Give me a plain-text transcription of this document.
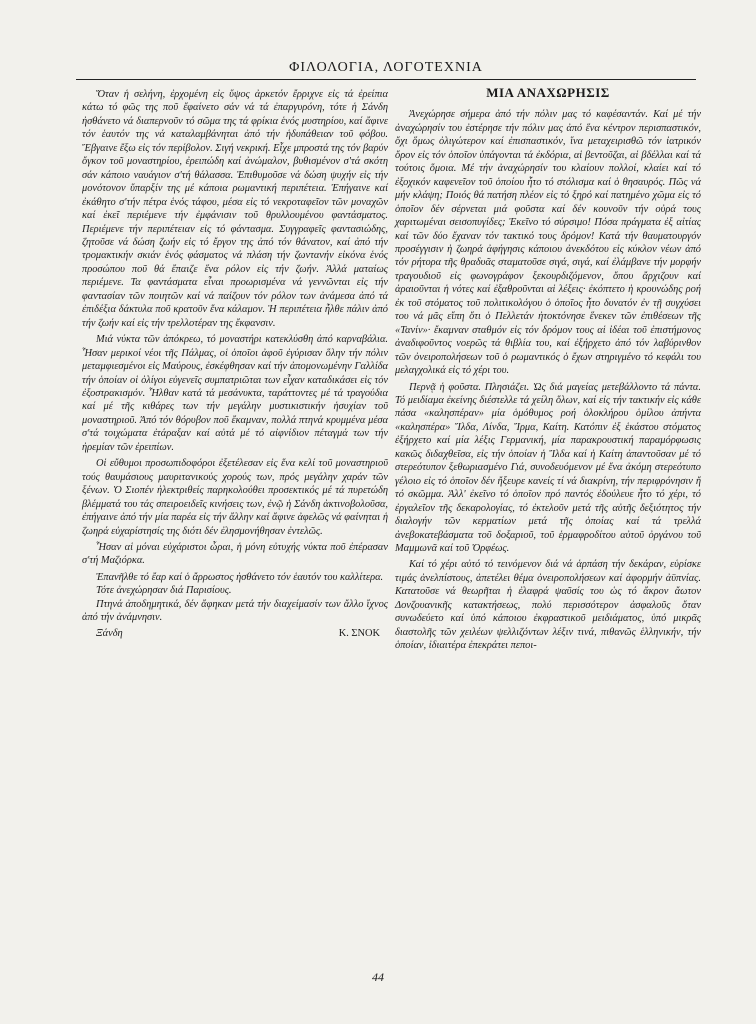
ΦΙΛΟΛΟΓΙΑ, ΛΟΓΟΤΕΧΝΙΑ

Ὅταν ἡ σελήνη, ἐρχομένη εἰς ὕψος ἀρκετόν ἔρριχνε εἰς τά ἐρείπια κάτω τό φῶς της ποῦ ἔφαίνετο σάν νά τά ἐπαργυρόνη, τότε ἡ Σάνδη ἠσθάνετο νά διαπερνοῦν τό σῶμα της τά φρίκια ἑνός μυστηρίου, καί ἄφινε τόν ἑαυτόν της νά καταλαμβάνηται ἀπό τήν ἡδυπάθειαν τοῦ φόβου. Ἔβγαινε ἔξω εἰς τόν περίβολον. Σιγή νεκρική. Εἶχε μπροστά της τόν βαρύν ὄγκον τοῦ μοναστηρίου, ἐρειπώδη καί ἀνώμαλον, βυθισμένον σ'τά σκότη σάν κάποιο ναυάγιον σ'τή θάλασσα. Ἐπιθυμοῦσε νά δώση ψυχήν εἰς τήν μονότονον ὕπαρξίν της μέ κάποια ρωμαντική περιπέτεια. Ἐπήγαινε καί ἐκάθητο σ'τήν πέτρα ἑνός τάφου, μέσα εἰς τό νεκροταφεῖον τῶν μοναχῶν καί ἐκεῖ περιέμενε τήν ἐμφάνισιν τοῦ θρυλλουμένου φαντάσματος. Περιέμενε τήν περιπέτειαν εἰς τό φάντασμα. Συγγραφεῖς φαντασιώδης, ζητοῦσε νά δώση ζωήν εἰς τό ἔργον της ἀπό τόν θάνατον, καί ἀπό τήν τρομακτικήν σκιάν ἑνός φάσματος νά πλάση τήν ζωντανήν εἰκόνα ἑνός προσώπου ποῦ θά ἔπαιζε ἕνα ρόλον εἰς τήν ζωήν. Ἀλλά ματαίως περιέμενε. Τα φαντάσματα εἶναι προωρισμένα νά γεννῶνται εἰς τήν φαντασίαν τῶν ποιητῶν καί νά παίζουν τόν ρόλον των ἀνάμεσα ἀπό τά ἐπιδέξια δάκτυλα ποῦ κρατοῦν ἕνα κάλαμον. Ἡ περιπέτεια ἦλθε πάλιν ἀπό τήν ζωήν καί εἰς τήν τρελλοτέραν της ἔκφανσιν.

Μιά νύκτα τῶν ἀπόκρεω, τό μοναστήρι κατεκλύσθη ἀπό καρναβάλια. Ἦσαν μερικοί νέοι τῆς Πάλμας, οἱ ὁποῖοι ἀφοῦ ἐγύρισαν ὅλην τήν πόλιν μεταμφιεσμένοι εἰς Μαύρους, ἐσκέφθησαν καί τήν ἀπομονωμένην Γαλλίδα τήν ὁποίαν οἱ ὀλίγοι εὐγενεῖς συμπατριῶται των εἶχαν καταδικάσει εἰς τόν ἐξοστρακισμόν. Ἦλθαν κατά τά μεσάνυκτα, ταράττοντες μέ τά τραγούδια καί μέ τῆς κιθάρες των τήν μεγάλην μυστικιστικήν ἡσυχίαν τοῦ μοναστηριοῦ. Ἀπό τόν θόρυβον ποῦ ἔκαμναν, πολλά πτηνά κρυμμένα μέσα σ'τά τοιχώματα ἐτάραξαν καί αὐτά μέ τό αἰφνίδιον πέταγμά των τήν ἠρεμίαν τῶν ἐρειπίων.

Οἱ εὔθυμοι προσωπιδοφόροι ἐξετέλεσαν εἰς ἕνα κελί τοῦ μοναστηριοῦ τούς θαυμάσιους μαυριτανικούς χορούς των, πρός μεγάλην χαράν τῶν ξένων. Ὁ Σιοπέν ἠλεκτριθείς παρηκολούθει προσεκτικός μέ τά πυρετώδη βλέμματά του τάς σπειροειδεῖς κινήσεις των, ἐνῷ ἡ Σάνδη ἀκτινοβολοῦσα, ἐπήγαινε ἀπό τήν μία παρέα εἰς τήν ἄλλην καί ἄφινε ἀφελῶς νά φαίνηται ἡ ζωηρά εὐχαρίστησίς της διότι δέν ἐλησμονήθησαν ἐντελῶς.

Ἦσαν αἱ μόναι εὐχάριστοι ὧραι, ἡ μόνη εὐτυχής νύκτα ποῦ ἐπέρασαν σ'τή Μαζιόρκα.

Ἐπανῆλθε τό ἔαρ καί ὁ ἄρρωστος ἠσθάνετο τόν ἑαυτόν του καλλίτερα.

Τότε ἀνεχώρησαν διά Παρισίους.

Πτηνά ἀποδημητικά, δέν ἄφηκαν μετά τήν διαχείμασίν των ἄλλο ἴχνος ἀπό τήν ἀνάμνησιν.

Ξάνδη	Κ. ΣΝΟΚ
ΜΙΑ ΑΝΑΧΩΡΗΣΙΣ

Ἀνεχώρησε σήμερα ἀπό τήν πόλιν μας τό καφέσαντάν. Καί μέ τήν ἀναχώρησίν του ἐστέρησε τήν πόλιν μας ἀπό ἕνα κέντρον περισπαστικόν, ὄχι ὅμως ὀλιγώτερον καί ἐπισπαστικόν, ἵνα μεταχειρισθῶ τόν ἰατρικόν ὅρον εἰς τόν ὁποῖον ὑπάγονται τά ἐκδόρια, αἱ βεντοῦζαι, αἱ βδέλλαι καί τά τούτοις ὅμοια. Μέ τήν ἀναχώρησίν του κλαίουν πολλοί, κλαίει καί τό ἐξοχικόν καφενεῖον τοῦ ὁποίου ἦτο τό στόλισμα καί ὁ θησαυρός. Πῶς νά μήν κλάψη; Ποιός θά πατήση πλέον εἰς τό ξηρό καί πατημένο χῶμα εἰς τό ὁποῖον δέν σέρνεται μιά φοῦστα καί δέν κουνοῦν τήν οὐρά τους χαριτωμέναι σεισοπυγίδες; Ἐκεῖνο τό σύρσιμο! Πόσα πράγματα ἐξ αἰτίας καί τῶν δύο ἔχαναν τόν τακτικό τους δρόμον! Κατά τήν θαυματουργόν προσέγγισιν ἡ ζωηρά ἀφήγησις κάποιου ἀνεκδότου εἰς κύκλον νέων ἀπό τόν ρήτορα τῆς θραδυᾶς σταματοῦσε σιγά, σιγά, καί ἐλάμβανε τήν μορφήν τραγουδιοῦ εἰς φωνογράφον ξεκουρδιζόμενον, ὅπου ἄρχιζουν καί ἀραιοῦνται ἡ νότες καί ἐξαθροῦνται αἱ λέξεις· ἐκόπτετο ἡ κρουνώδης ροή ἐκ τοῦ στόματος τοῦ πολιτικολόγου ὁ ὁποῖος ἦτο δυνατόν ἐν τῇ συγχύσει του νά μᾶς εἴπη ὅτι ὁ Πελλετάν ἠτοκτόνησε ἕνεκεν τῶν ἐπιθέσεων τῆς «Τανίν»· ἔκαμναν σταθμόν εἰς τόν δρόμον τους αἱ ἰδέαι τοῦ ἐπιστήμονος ἀναδιφοῦντος νοερῶς τά θιβλία του, καί ἐξήρχετο ἀπό τόν λαβύρινθον τῶν ὀνειροπολήσεων τοῦ ὁ ρωμαντικός ὁ ἔχων στηριγμένο τό κεφάλι του μελαγχολικά εἰς τό χέρι του.

Περνᾷ ἡ φοῦστα. Πλησιάζει. Ὡς διά μαγείας μετεβάλλοντο τά πάντα. Τό μειδίαμα ἐκείνης διέστελλε τά χείλη ὅλων, καί εἰς τήν τακτικήν εἰς κάθε πάσα «καλησπέραν» μία ὁμόθυμος ροή ὁλοκλήρου ὁμίλου ἀπήντα «καλησπέρα» Ἴλδα, Λίνδα, Ἴρμα, Καίτη. Κατόπιν ἐξ ἑκάστου στόματος ἐξήρχετο καί μία λέξις Γερμανική, μία παρακρουστική παραμόρφωσις κακῶς διδαχθεῖσα, εἰς τήν ὁποίαν ἡ Ἴλδα καί ἡ Καίτη ἀπαντοῦσαν μέ τό στερεότυπον ξεθωριασμένο Γιά, συνοδευόμενον μέ ἕνα ἀκόμη στερεότυπο γέλοιο εἰς τό ὁποῖον δέν ἤξευρε κανείς τί νά διακρίνη, τήν περιφρόνησιν ἤ τό σκῶμμα. Ἀλλ' ἐκεῖνο τό ὁποῖον πρό παντός ἐδούλευε ἦτο τό χέρι, τό ἐργαλεῖον τῆς δεκαρολογίας, τό ἐκτελοῦν μετά τῆς αὐτῆς δεξιότητος τήν διαλογήν τῶν κερματίων μετά τῆς ὁποίας καί τά τρελλά ἀνεβοκατεβάσματα τοῦ δοξαριοῦ, τοῦ ἑρμαφροδίτου αὐτοῦ ὀργάνου τοῦ Μαμμωνᾶ καί τοῦ Ὀρφέως.

Καί τό χέρι αὐτό τό τεινόμενον διά νά ἁρπάση τήν δεκάραν, εὑρίσκε τιμάς ἀνελπίστους, ἀπετέλει θέμα ὀνειροπολήσεων καί ἀφορμήν ἀϋπνίας. Κατατοῦσε νά θεωρῆται ἡ ἐλαφρά ψαῦσίς του ὡς τό ἄκρον ἄωτον Δονζουανικῆς κατακτήσεως, πολύ περισσότερον ἀσφαλοῦς ὅταν συνωδεύετο καί ὑπό κάποιου ἐκφραστικοῦ μειδιάματος, ὑπό μικρᾶς διαστολῆς τῶν χειλέων ψελλιζόντων λέξιν τινά, πιθανῶς ἑλληνικήν, τήν ὁποίαν, ἰδιαιτέρα ἐπεκράτει πεποι-

44
